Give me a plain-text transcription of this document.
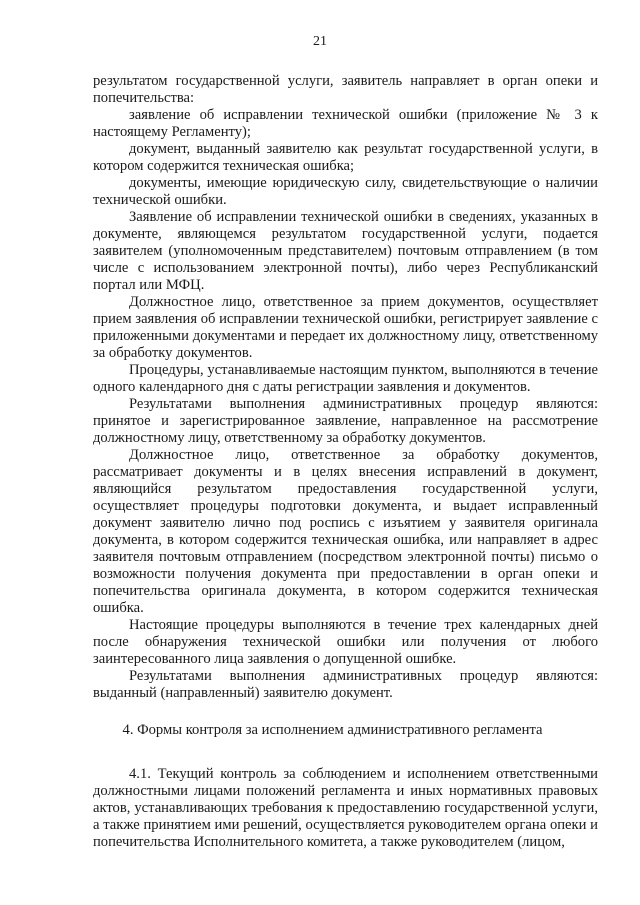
21

результатом государственной услуги, заявитель направляет в орган опеки и попечительства:

заявление об исправлении технической ошибки (приложение № 3 к настоящему Регламенту);

документ, выданный заявителю как результат государственной услуги, в котором содержится техническая ошибка;

документы, имеющие юридическую силу, свидетельствующие о наличии технической ошибки.

Заявление об исправлении технической ошибки в сведениях, указанных в документе, являющемся результатом государственной услуги, подается заявителем (уполномоченным представителем) почтовым отправлением (в том числе с использованием электронной почты), либо через Республиканский портал или МФЦ.

Должностное лицо, ответственное за прием документов, осуществляет прием заявления об исправлении технической ошибки, регистрирует заявление с приложенными документами и передает их должностному лицу, ответственному за обработку документов.

Процедуры, устанавливаемые настоящим пунктом, выполняются в течение одного календарного дня с даты регистрации заявления и документов.

Результатами выполнения административных процедур являются: принятое и зарегистрированное заявление, направленное на рассмотрение должностному лицу, ответственному за обработку документов.

Должностное лицо, ответственное за обработку документов, рассматривает документы и в целях внесения исправлений в документ, являющийся результатом предоставления государственной услуги, осуществляет процедуры подготовки документа, и выдает исправленный документ заявителю лично под роспись с изъятием у заявителя оригинала документа, в котором содержится техническая ошибка, или направляет в адрес заявителя почтовым отправлением (посредством электронной почты) письмо о возможности получения документа при предоставлении в орган опеки и попечительства оригинала документа, в котором содержится техническая ошибка.

Настоящие процедуры выполняются в течение трех календарных дней после обнаружения технической ошибки или получения от любого заинтересованного лица заявления о допущенной ошибке.

Результатами выполнения административных процедур являются: выданный (направленный) заявителю документ.

4. Формы контроля за исполнением административного регламента

4.1. Текущий контроль за соблюдением и исполнением ответственными должностными лицами положений регламента и иных нормативных правовых актов, устанавливающих требования к предоставлению государственной услуги, а также принятием ими решений, осуществляется руководителем органа опеки и попечительства Исполнительного комитета, а также руководителем (лицом,
